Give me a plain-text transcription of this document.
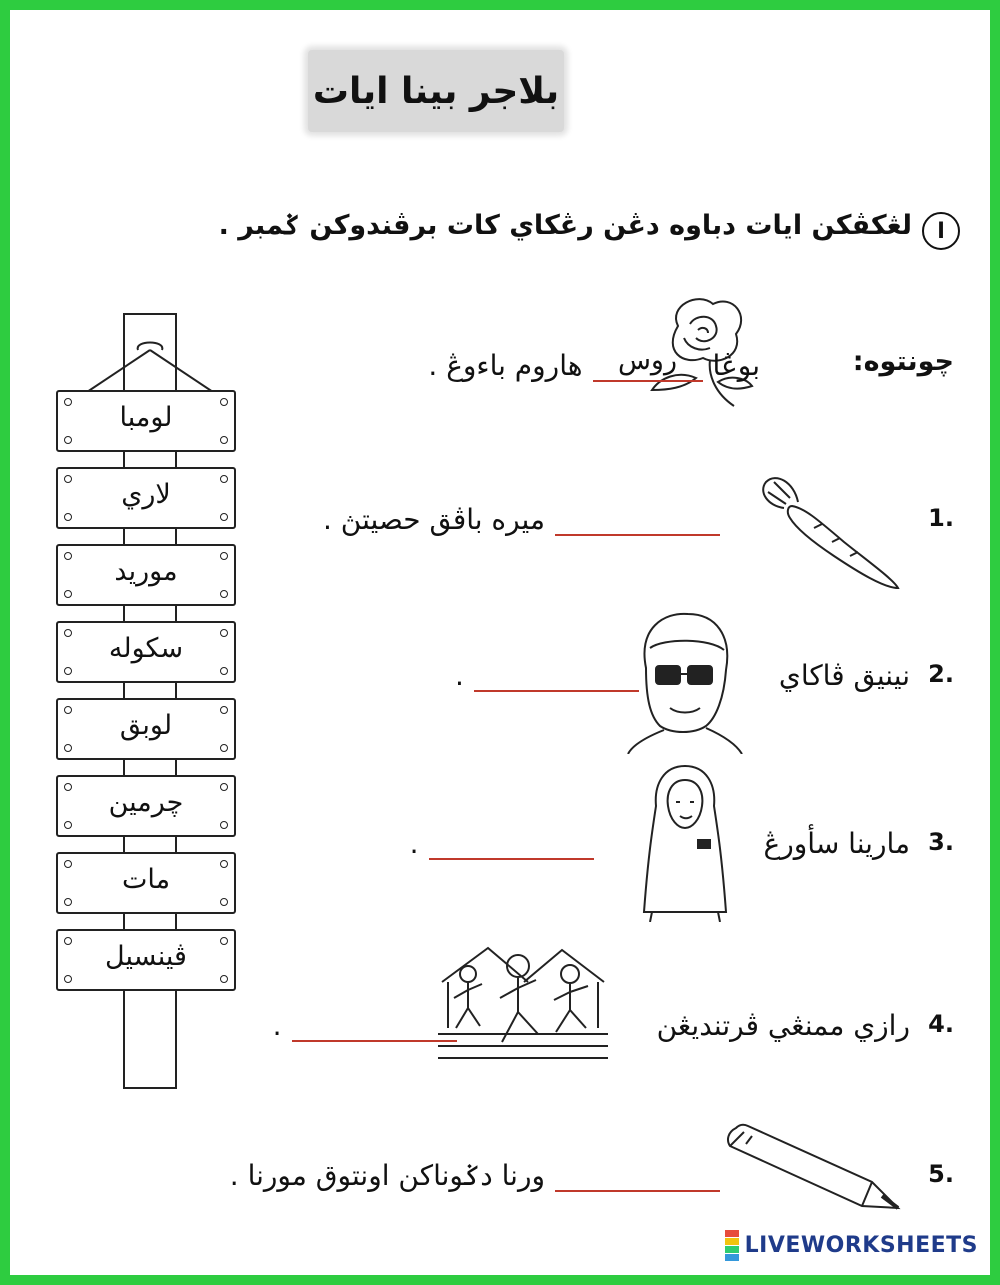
بلاجر بينا ايات
ا
لڠكڤكن ايات دباوه دڠن رڠكاي كات برڤندوكن ݢمبر .
چونتوه:
بوڠا
روس
هاروم باءوڠ .
1.
ميره باڤق حصيتڽ .
2.
نينيق ڤاكاي
.
3.
مارينا سأورڠ
.
4.
رازي ممنڠي ڤرتنديڠن
.
5.
ورنا دݢوناكن اونتوق مورنا .
لومبا
لاري
موريد
سكوله
لوبق
چرمين
مات
ڤينسيل
LIVEWORKSHEETS
